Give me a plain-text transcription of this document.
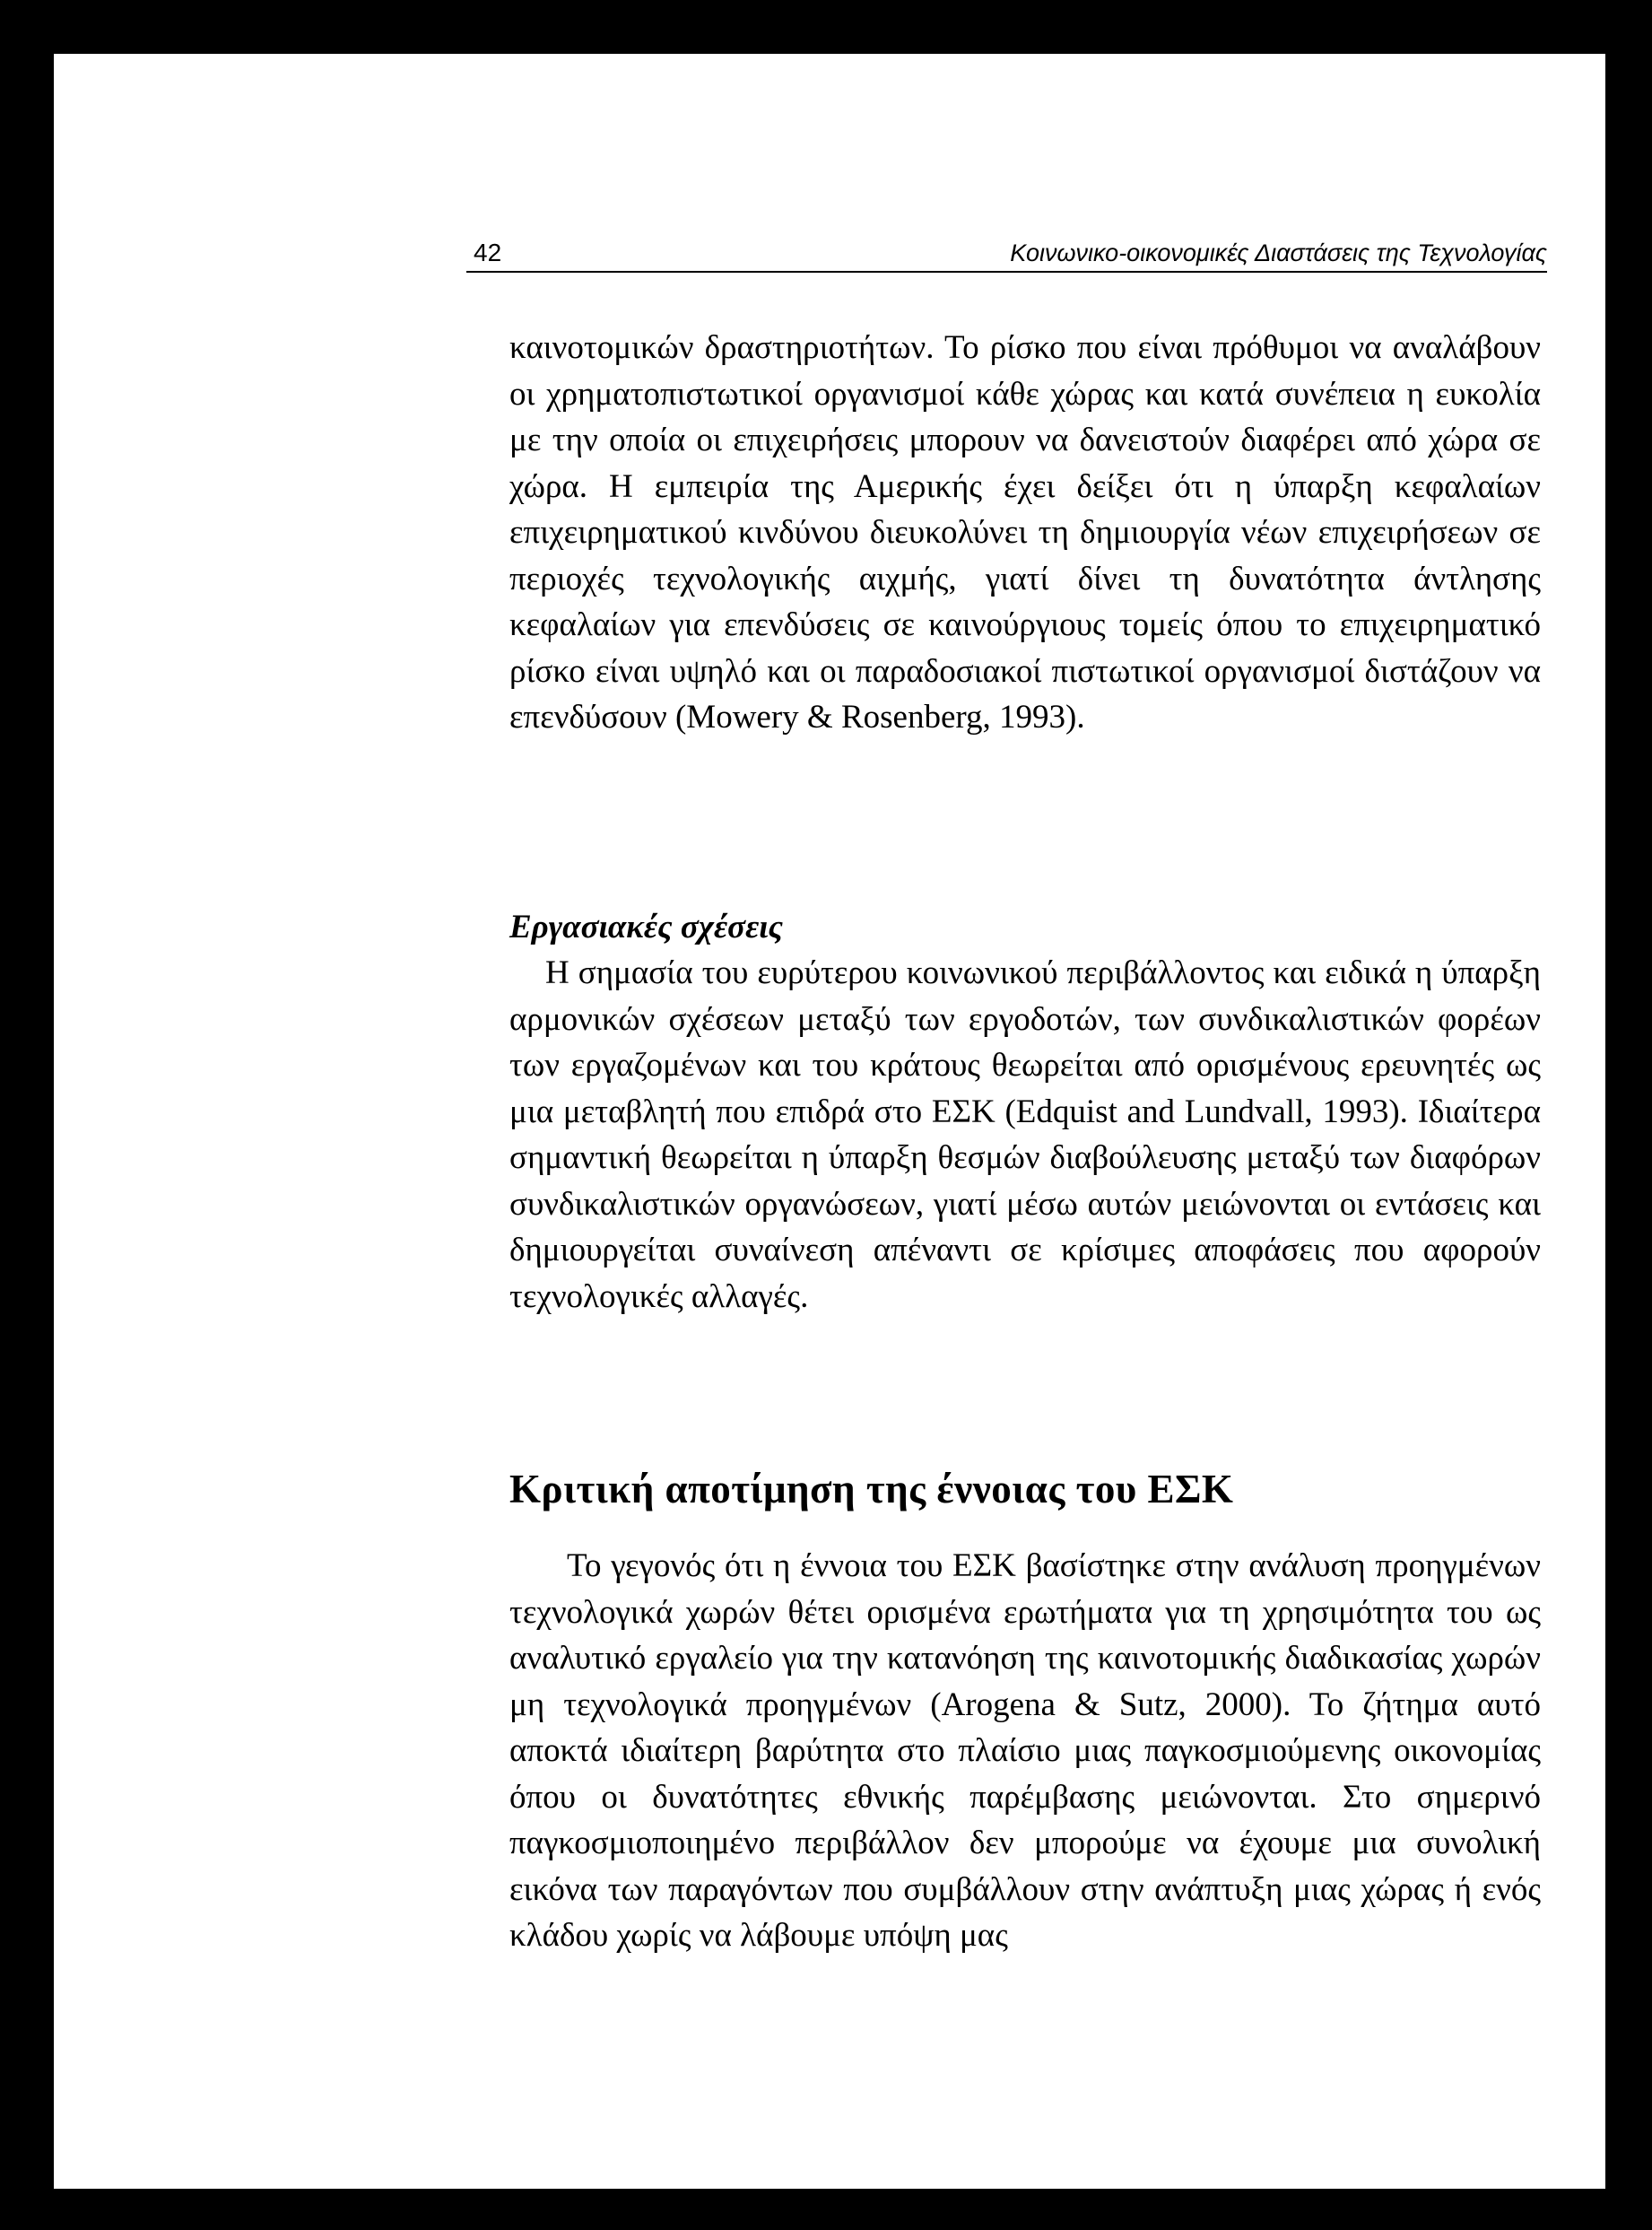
42	Κοινωνικο-οικονομικές Διαστάσεις της Τεχνολογίας

καινοτομικών δραστηριοτήτων. Το ρίσκο που είναι πρόθυμοι να αναλάβουν οι χρηματοπιστωτικοί οργανισμοί κάθε χώρας και κατά συνέπεια η ευκολία με την οποία οι επιχειρήσεις μπορουν να δανειστούν διαφέρει από χώρα σε χώρα. Η εμπειρία της Αμερικής έχει δείξει ότι η ύπαρξη κεφαλαίων επιχειρηματικού κινδύνου διευκολύνει τη δημιουργία νέων επιχειρήσεων σε περιοχές τεχνολογικής αιχμής, γιατί δίνει τη δυνατότητα άντλησης κεφαλαίων για επενδύσεις σε καινούργιους τομείς όπου το επιχειρηματικό ρίσκο είναι υψηλό και οι παραδοσιακοί πιστωτικοί οργανισμοί διστάζουν να επενδύσουν (Mowery & Rosenberg, 1993).

Εργασιακές σχέσεις

Η σημασία του ευρύτερου κοινωνικού περιβάλλοντος και ειδικά η ύπαρξη αρμονικών σχέσεων μεταξύ των εργοδοτών, των συνδικαλιστικών φορέων των εργαζομένων και του κράτους θεωρείται από ορισμένους ερευνητές ως μια μεταβλητή που επιδρά στο ΕΣΚ (Edquist and Lundvall, 1993). Ιδιαίτερα σημαντική θεωρείται η ύπαρξη θεσμών διαβούλευσης μεταξύ των διαφόρων συνδικαλιστικών οργανώσεων, γιατί μέσω αυτών μειώνονται οι εντάσεις και δημιουργείται συναίνεση απέναντι σε κρίσιμες αποφάσεις που αφορούν τεχνολογικές αλλαγές.

Κριτική αποτίμηση της έννοιας του ΕΣΚ

Το γεγονός ότι η έννοια του ΕΣΚ βασίστηκε στην ανάλυση προηγμένων τεχνολογικά χωρών θέτει ορισμένα ερωτήματα για τη χρησιμότητα του ως αναλυτικό εργαλείο για την κατανόηση της καινοτομικής διαδικασίας χωρών μη τεχνολογικά προηγμένων (Arogena & Sutz, 2000). Το ζήτημα αυτό αποκτά ιδιαίτερη βαρύτητα στο πλαίσιο μιας παγκοσμιούμενης οικονομίας όπου οι δυνατότητες εθνικής παρέμβασης μειώνονται. Στο σημερινό παγκοσμιοποιημένο περιβάλλον δεν μπορούμε να έχουμε μια συνολική εικόνα των παραγόντων που συμβάλλουν στην ανάπτυξη μιας χώρας ή ενός κλάδου χωρίς να λάβουμε υπόψη μας
